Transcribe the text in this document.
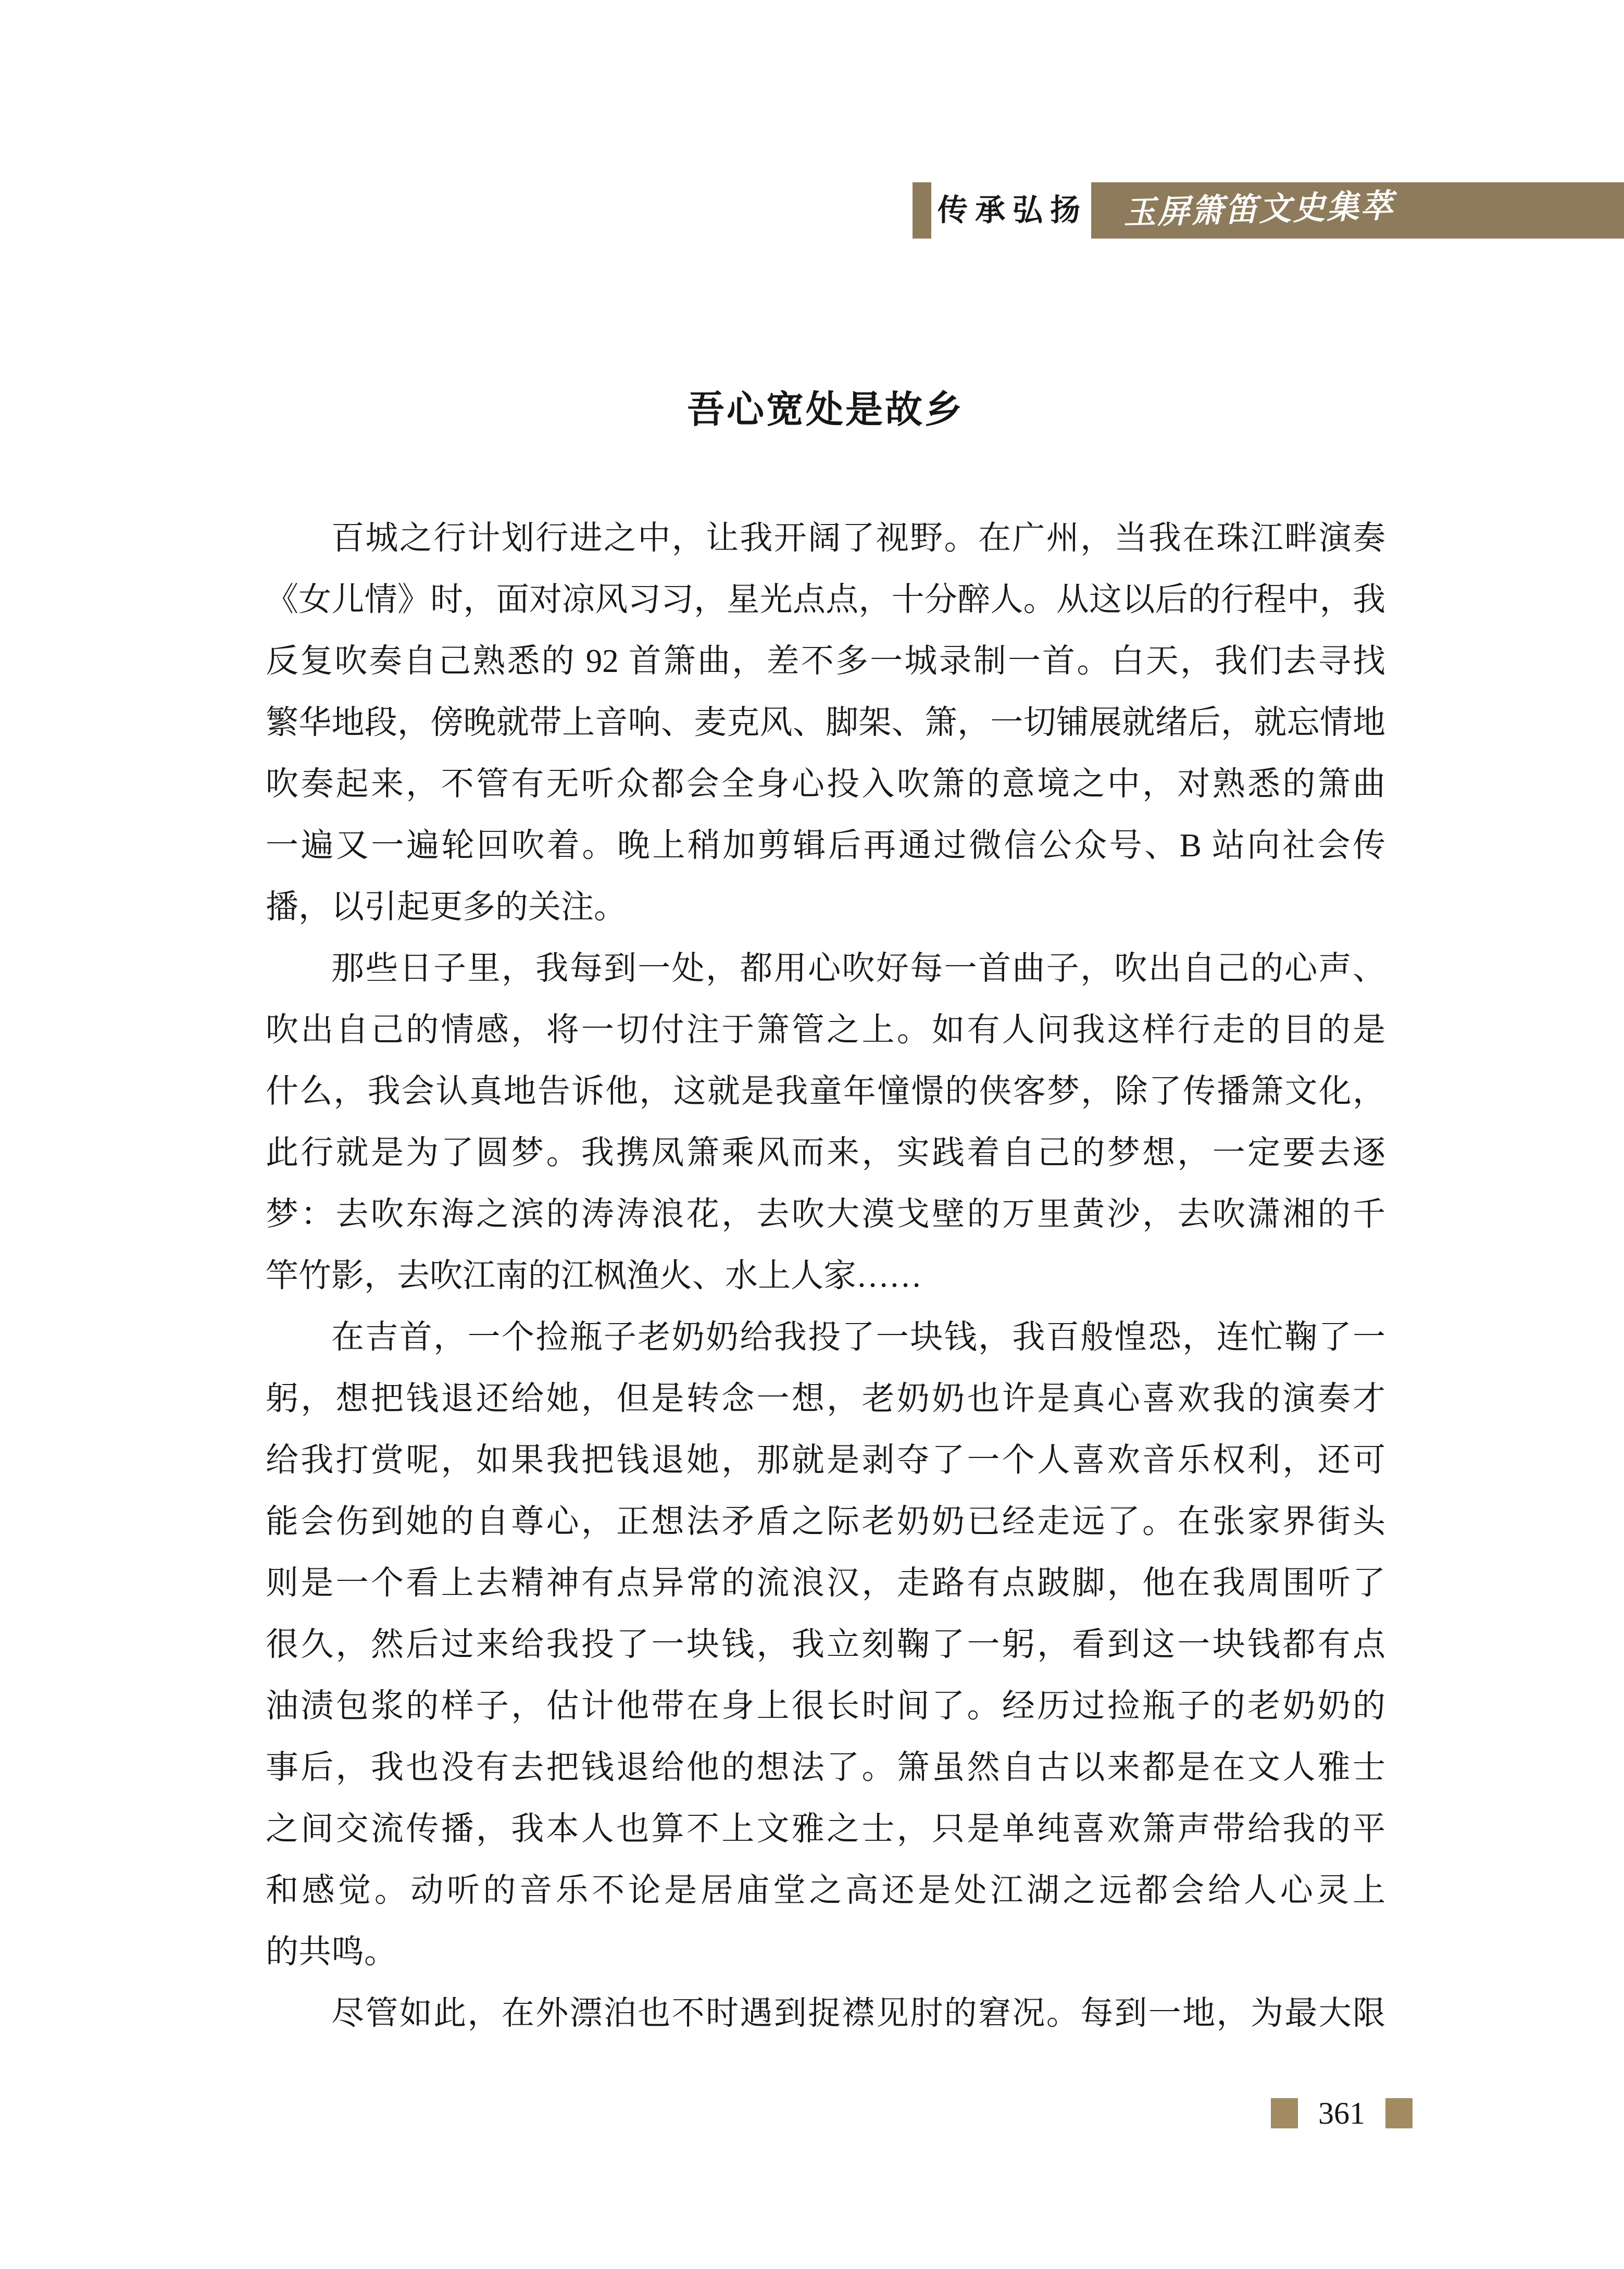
传承弘扬 玉屏箫笛文史集萃
吾心宽处是故乡
百城之行计划行进之中，让我开阔了视野。在广州，当我在珠江畔演奏
《女儿情》时，面对凉风习习，星光点点，十分醉人。从这以后的行程中，我
反复吹奏自己熟悉的 92 首箫曲，差不多一城录制一首。白天，我们去寻找
繁华地段，傍晚就带上音响、麦克风、脚架、箫，一切铺展就绪后，就忘情地
吹奏起来，不管有无听众都会全身心投入吹箫的意境之中，对熟悉的箫曲
一遍又一遍轮回吹着。晚上稍加剪辑后再通过微信公众号、B 站向社会传
播，以引起更多的关注。
那些日子里，我每到一处，都用心吹好每一首曲子，吹出自己的心声、
吹出自己的情感，将一切付注于箫管之上。如有人问我这样行走的目的是
什么，我会认真地告诉他，这就是我童年憧憬的侠客梦，除了传播箫文化，
此行就是为了圆梦。我携凤箫乘风而来，实践着自己的梦想，一定要去逐
梦：去吹东海之滨的涛涛浪花，去吹大漠戈壁的万里黄沙，去吹潇湘的千
竿竹影，去吹江南的江枫渔火、水上人家……
在吉首，一个捡瓶子老奶奶给我投了一块钱，我百般惶恐，连忙鞠了一
躬，想把钱退还给她，但是转念一想，老奶奶也许是真心喜欢我的演奏才
给我打赏呢，如果我把钱退她，那就是剥夺了一个人喜欢音乐权利，还可
能会伤到她的自尊心，正想法矛盾之际老奶奶已经走远了。在张家界街头
则是一个看上去精神有点异常的流浪汉，走路有点跛脚，他在我周围听了
很久，然后过来给我投了一块钱，我立刻鞠了一躬，看到这一块钱都有点
油渍包浆的样子，估计他带在身上很长时间了。经历过捡瓶子的老奶奶的
事后，我也没有去把钱退给他的想法了。箫虽然自古以来都是在文人雅士
之间交流传播，我本人也算不上文雅之士，只是单纯喜欢箫声带给我的平
和感觉。动听的音乐不论是居庙堂之高还是处江湖之远都会给人心灵上
的共鸣。
尽管如此，在外漂泊也不时遇到捉襟见肘的窘况。每到一地，为最大限
361
